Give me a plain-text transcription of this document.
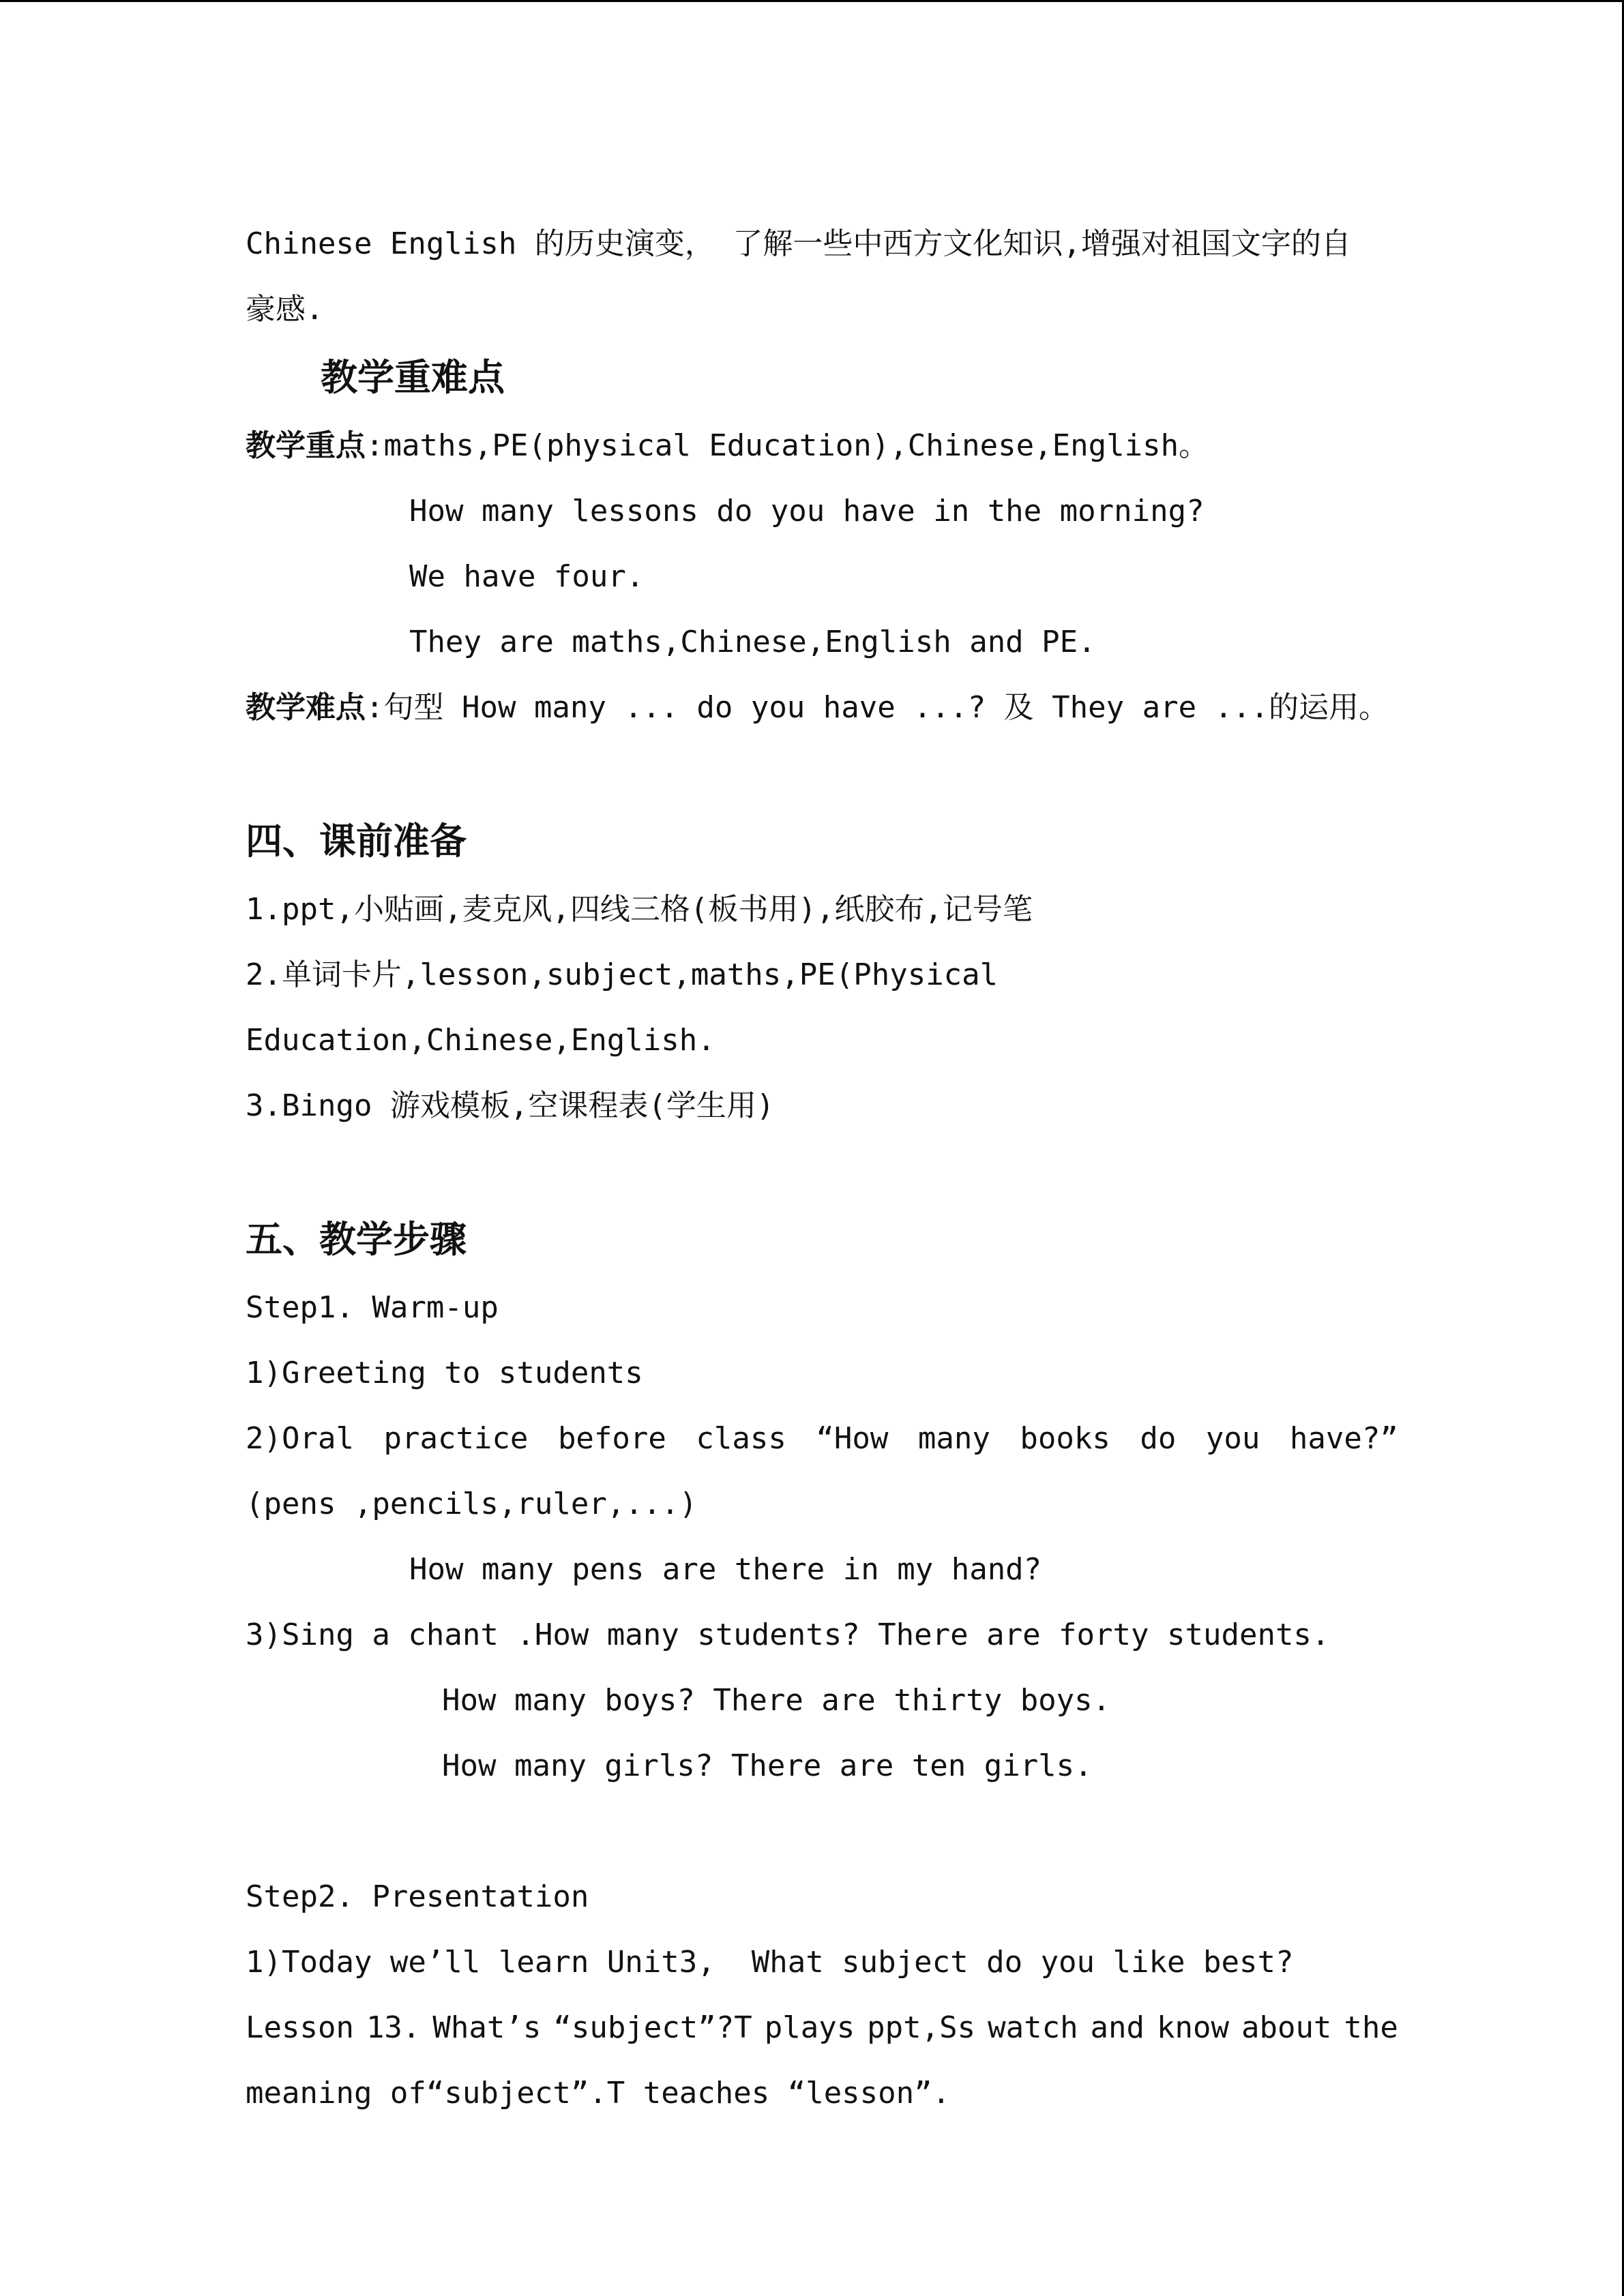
Chinese English 的历史演变， 了解一些中西方文化知识,增强对祖国文字的自
豪感.
教学重难点
教学重点:maths,PE(physical Education),Chinese,English。
How many lessons do you have in the morning?
We have four.
They are maths,Chinese,English and PE.
教学难点:句型 How many ... do you have ...? 及 They are ...的运用。
四、课前准备
1.ppt,小贴画,麦克风,四线三格(板书用),纸胶布,记号笔
2.单词卡片,lesson,subject,maths,PE(Physical
Education,Chinese,English.
3.Bingo 游戏模板,空课程表(学生用)
五、教学步骤
Step1. Warm-up
1)Greeting to students
2)Oral practice before class “How many books do you have?”
(pens ,pencils,ruler,...)
How many pens are there in my hand?
3)Sing a chant .How many students? There are forty students.
How many boys? There are thirty boys.
How many girls? There are ten girls.
Step2. Presentation
1)Today we’ll learn Unit3,  What subject do you like best?
Lesson 13. What’s “subject”?T plays ppt,Ss watch and know about the
meaning of“subject”.T teaches “lesson”.
